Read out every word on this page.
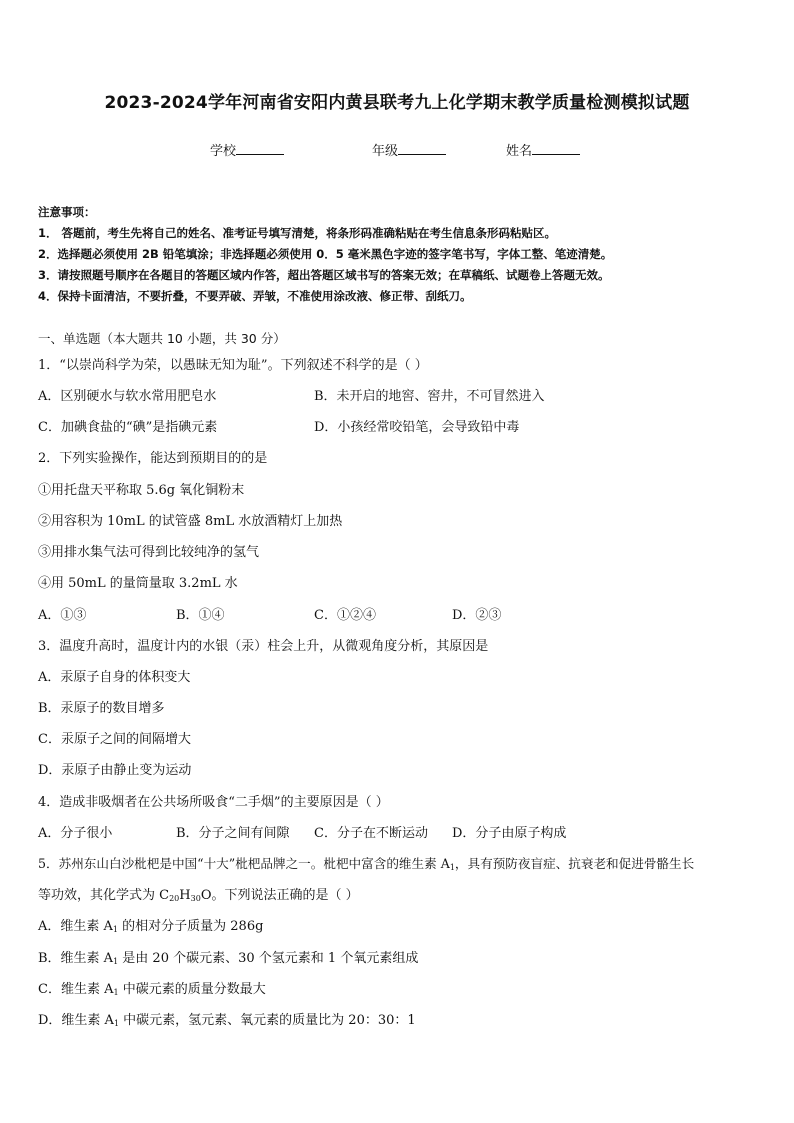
2023-2024学年河南省安阳内黄县联考九上化学期末教学质量检测模拟试题
学校	年级	姓名
注意事项：
1． 答题前，考生先将自己的姓名、准考证号填写清楚，将条形码准确粘贴在考生信息条形码粘贴区。
2．选择题必须使用 2B 铅笔填涂；非选择题必须使用 0．5 毫米黑色字迹的签字笔书写，字体工整、笔迹清楚。
3．请按照题号顺序在各题目的答题区域内作答，超出答题区域书写的答案无效；在草稿纸、试题卷上答题无效。
4．保持卡面清洁，不要折叠，不要弄破、弄皱，不准使用涂改液、修正带、刮纸刀。
一、单选题（本大题共 10 小题，共 30 分）
1．“以崇尚科学为荣，以愚昧无知为耻”。下列叙述不科学的是（ ）
A．区别硬水与软水常用肥皂水	B．未开启的地窖、窖井，不可冒然进入
C．加碘食盐的“碘”是指碘元素	D．小孩经常咬铅笔，会导致铅中毒
2．下列实验操作，能达到预期目的的是
①用托盘天平称取 5.6g 氧化铜粉末
②用容积为 10mL 的试管盛 8mL 水放酒精灯上加热
③用排水集气法可得到比较纯净的氢气
④用 50mL 的量筒量取 3.2mL 水
A．①③	B．①④	C．①②④	D．②③
3．温度升高时，温度计内的水银（汞）柱会上升，从微观角度分析，其原因是
A．汞原子自身的体积变大
B．汞原子的数目增多
C．汞原子之间的间隔增大
D．汞原子由静止变为运动
4．造成非吸烟者在公共场所吸食“二手烟”的主要原因是（ ）
A．分子很小	B．分子之间有间隙 C．分子在不断运动 D．分子由原子构成
5．苏州东山白沙枇杷是中国“十大”枇杷品牌之一。枇杷中富含的维生素 $A_1$，具有预防夜盲症、抗衰老和促进骨骼生长
等功效，其化学式为 $C_{20}H_{30}O$。下列说法正确的是（ ）
A．维生素 $A_1$ 的相对分子质量为 286g
B．维生素 $A_1$ 是由 20 个碳元素、30 个氢元素和 1 个氧元素组成
C．维生素 $A_1$ 中碳元素的质量分数最大
D．维生素 $A_1$ 中碳元素，氢元素、氧元素的质量比为 20：30：1
